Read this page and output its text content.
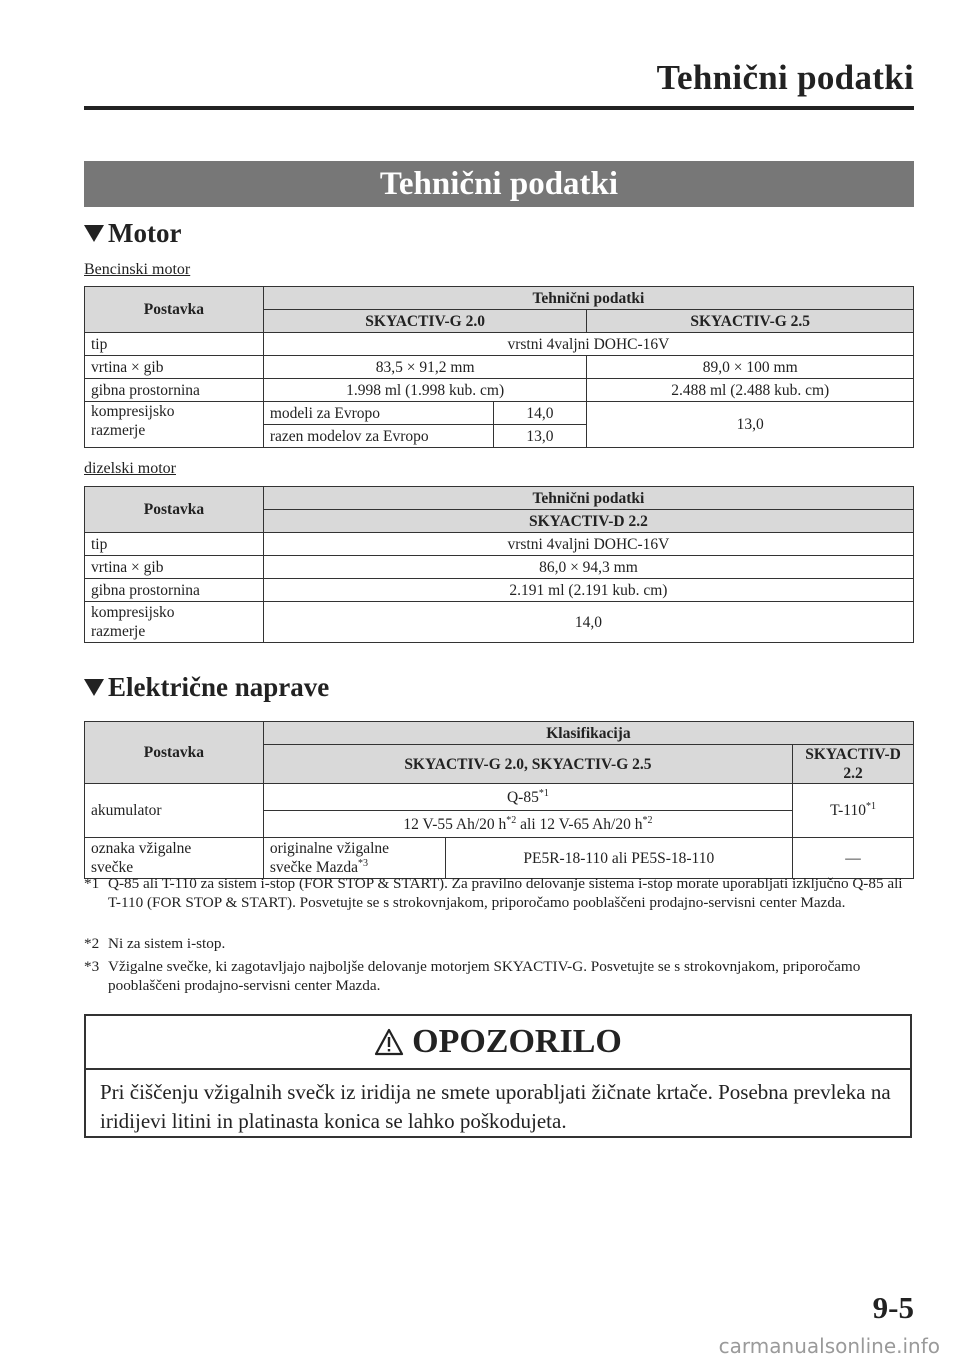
Tehnični podatki
Tehnični podatki
Motor
Bencinski motor
Postavka	Tehnični podatki		
	SKYACTIV-G 2.0		SKYACTIV-G 2.5
tip	vrstni 4valjni DOHC-16V		
vrtina × gib	83,5 × 91,2 mm		89,0 × 100 mm
gibna prostornina	1.998 ml (1.998 kub. cm)		2.488 ml (2.488 kub. cm)
kompresijsko
razmerje	modeli za Evropo	14,0	13,0
	razen modelov za Evropo	13,0	
dizelski motor
Postavka	Tehnični podatki
	SKYACTIV-D 2.2
tip	vrstni 4valjni DOHC-16V
vrtina × gib	86,0 × 94,3 mm
gibna prostornina	2.191 ml (2.191 kub. cm)
kompresijsko
razmerje	14,0
Električne naprave
Postavka	Klasifikacija		
	SKYACTIV-G 2.0, SKYACTIV-G 2.5		SKYACTIV-D 2.2
akumulator	Q-85$^{*1}$		T-110$^{*1}$
	12 V-55 Ah/20 $h^{*2}$ ali 12 V-65 Ah/20 $h^{*2}$
oznaka vžigalne
svečke	originalne vžigalne
svečke Mazda$^{*3}$	PE5R-18-110 ali PE5S-18-110	—
*1 Q-85 ali T-110 za sistem i-stop (FOR STOP & START). Za pravilno delovanje sistema i-stop morate uporabljati izključno Q-85 ali T-110 (FOR STOP & START). Posvetujte se s strokovnjakom, priporočamo pooblaščeni prodajno-servisni center Mazda.
*2 Ni za sistem i-stop.
*3 Vžigalne svečke, ki zagotavljajo najboljše delovanje motorjem SKYACTIV-G. Posvetujte se s strokovnjakom, priporočamo pooblaščeni prodajno-servisni center Mazda.
OPOZORILO
Pri čiščenju vžigalnih svečk iz iridija ne smete uporabljati žičnate krtače. Posebna prevleka na iridijevi litini in platinasta konica se lahko poškodujeta.
9-5
carmanualsonline.info
